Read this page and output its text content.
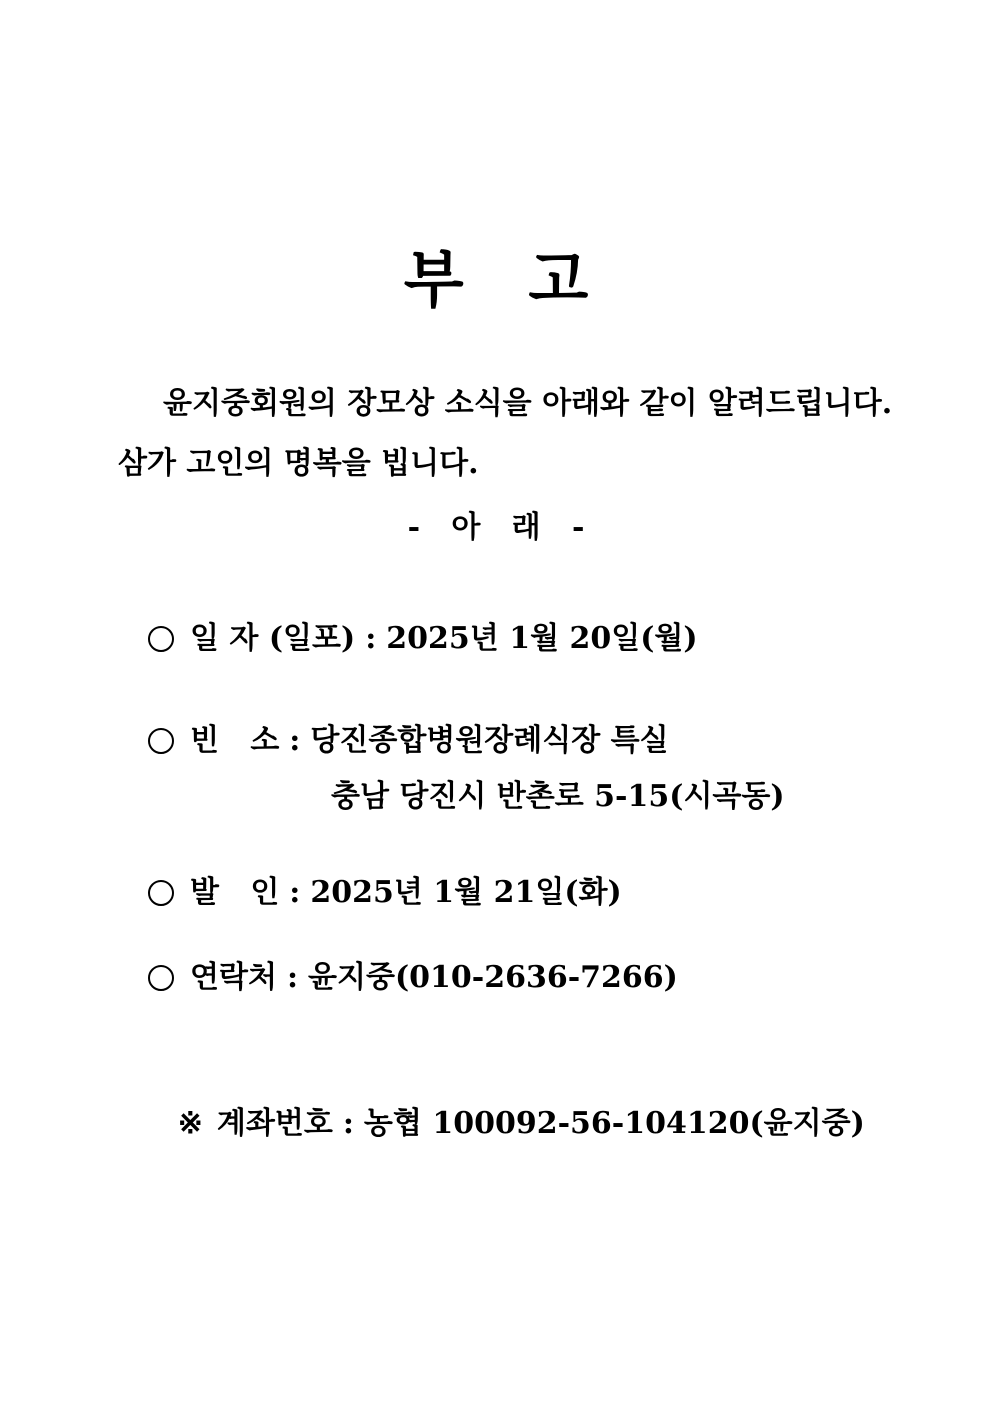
부   고
윤지중회원의 장모상 소식을 아래와 같이 알려드립니다.
삼가 고인의 명복을 빕니다.
-   아   래   -
일 자 (일포) : 2025년 1월 20일(월)
빈   소 : 당진종합병원장례식장 특실
충남 당진시 반촌로 5-15(시곡동)
발   인 : 2025년 1월 21일(화)
연락처 : 윤지중(010-2636-7266)

※ 계좌번호 : 농협 100092-56-104120(윤지중)
